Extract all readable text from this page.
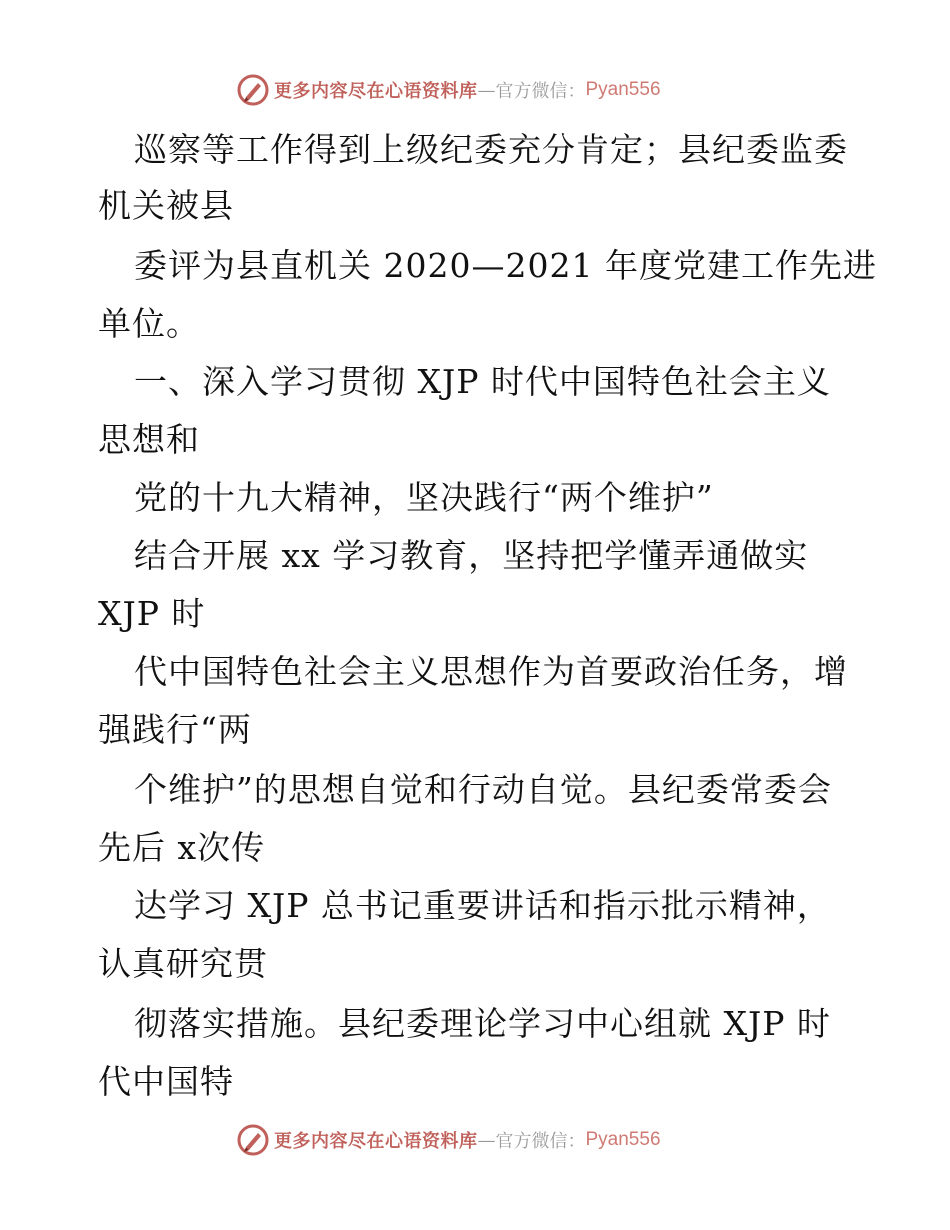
更多内容尽在心语资料库 — 官方微信： Pyan556
巡察等工作得到上级纪委充分肯定；县纪委监委
机关被县
委评为县直机关 2020—2021 年度党建工作先进
单位。
一、深入学习贯彻 XJP 时代中国特色社会主义
思想和
党的十九大精神，坚决践行“两个维护”
结合开展 xx 学习教育，坚持把学懂弄通做实
XJP 时
代中国特色社会主义思想作为首要政治任务，增
强践行“两
个维护”的思想自觉和行动自觉。县纪委常委会
先后 x次传
达学习 XJP 总书记重要讲话和指示批示精神，
认真研究贯
彻落实措施。县纪委理论学习中心组就 XJP 时
代中国特
更多内容尽在心语资料库 — 官方微信： Pyan556
